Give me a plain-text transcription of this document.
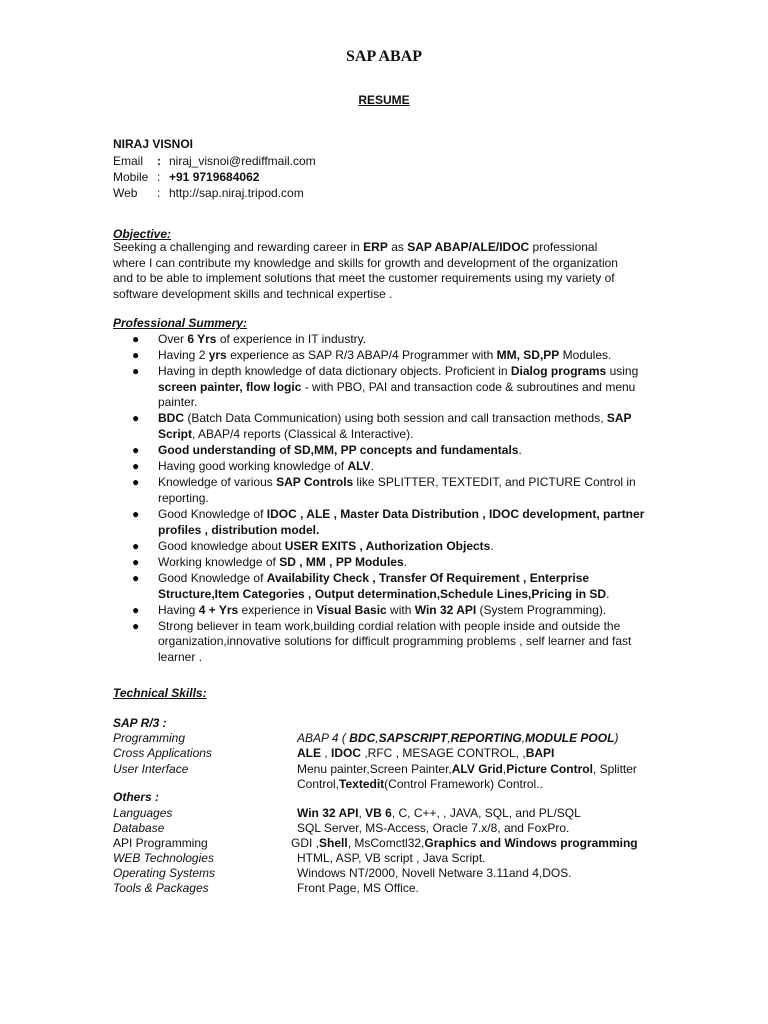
SAP ABAP
RESUME
NIRAJ VISNOI
Email : niraj_visnoi@rediffmail.com
Mobile : +91 9719684062
Web : http://sap.niraj.tripod.com
Objective:
Seeking a challenging and rewarding career in ERP as SAP ABAP/ALE/IDOC professional where I can contribute my knowledge and skills for growth and development of the organization and to be able to implement solutions that meet the customer requirements using my variety of software development skills and technical expertise .
Professional Summery:
● Over 6 Yrs of experience in IT industry.
● Having 2 yrs experience as SAP R/3 ABAP/4 Programmer with MM, SD,PP Modules.
● Having in depth knowledge of data dictionary objects. Proficient in Dialog programs using screen painter, flow logic - with PBO, PAI and transaction code & subroutines and menu painter.
● BDC (Batch Data Communication) using both session and call transaction methods, SAP Script, ABAP/4 reports (Classical & Interactive).
● Good understanding of SD,MM, PP concepts and fundamentals.
● Having good working knowledge of ALV.
● Knowledge of various SAP Controls like SPLITTER, TEXTEDIT, and PICTURE Control in reporting.
● Good Knowledge of IDOC , ALE , Master Data Distribution , IDOC development, partner profiles , distribution model.
● Good knowledge about USER EXITS , Authorization Objects.
● Working knowledge of SD , MM , PP Modules.
● Good Knowledge of Availability Check , Transfer Of Requirement , Enterprise Structure,Item Categories , Output determination,Schedule Lines,Pricing in SD.
● Having 4 + Yrs experience in Visual Basic with Win 32 API (System Programming).
● Strong believer in team work,building cordial relation with people inside and outside the organization,innovative solutions for difficult programming problems , self learner and fast learner .
Technical Skills:
SAP R/3 :
Programming	ABAP 4 ( BDC,SAPSCRIPT,REPORTING,MODULE POOL)
Cross Applications	ALE , IDOC ,RFC , MESAGE CONTROL, ,BAPI
User Interface	Menu painter,Screen Painter,ALV Grid,Picture Control, Splitter Control,Textedit(Control Framework) Control..
Others :
Languages	Win 32 API, VB 6, C, C++, , JAVA, SQL, and PL/SQL
Database	SQL Server, MS-Access, Oracle 7.x/8, and FoxPro.
API Programming	GDI ,Shell, MsComctl32,Graphics and Windows programming
WEB Technologies	HTML, ASP, VB script , Java Script.
Operating Systems	Windows NT/2000, Novell Netware 3.11and 4,DOS.
Tools & Packages	Front Page, MS Office.
